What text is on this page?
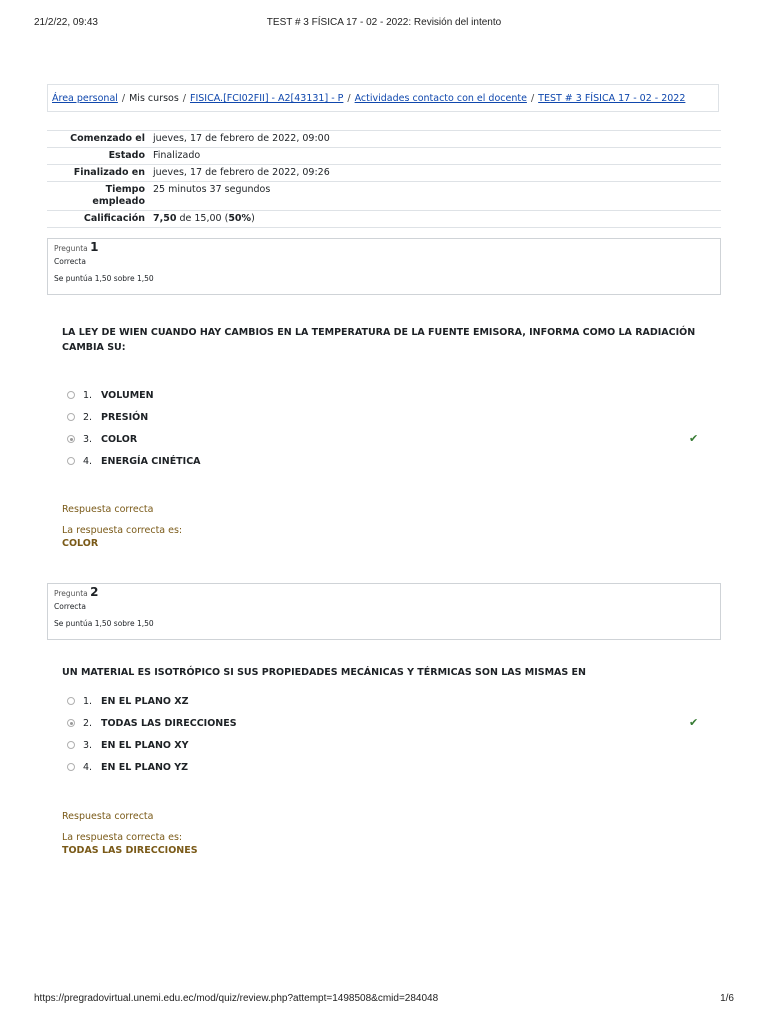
21/2/22, 09:43	TEST # 3 FÍSICA 17 - 02 - 2022: Revisión del intento
Área personal / Mis cursos / FISICA.[FCI02FII] - A2[43131] - P / Actividades contacto con el docente / TEST # 3 FÍSICA 17 - 02 - 2022
Comenzado el	jueves, 17 de febrero de 2022, 09:00
Estado	Finalizado
Finalizado en	jueves, 17 de febrero de 2022, 09:26
Tiempo
empleado	25 minutos 37 segundos
Calificación	7,50 de 15,00 (50%)
Pregunta 1
Correcta
Se puntúa 1,50 sobre 1,50
LA LEY DE WIEN CUANDO HAY CAMBIOS EN LA TEMPERATURA DE LA FUENTE EMISORA, INFORMA COMO LA RADIACIÓN CAMBIA SU:
1. VOLUMEN
2. PRESIÓN
3. COLOR	✔
4. ENERGÍA CINÉTICA
Respuesta correcta
La respuesta correcta es:
COLOR
Pregunta 2
Correcta
Se puntúa 1,50 sobre 1,50
UN MATERIAL ES ISOTRÓPICO SI SUS PROPIEDADES MECÁNICAS Y TÉRMICAS SON LAS MISMAS EN
1. EN EL PLANO XZ
2. TODAS LAS DIRECCIONES	✔
3. EN EL PLANO XY
4. EN EL PLANO YZ
Respuesta correcta
La respuesta correcta es:
TODAS LAS DIRECCIONES
https://pregradovirtual.unemi.edu.ec/mod/quiz/review.php?attempt=1498508&cmid=284048	1/6
